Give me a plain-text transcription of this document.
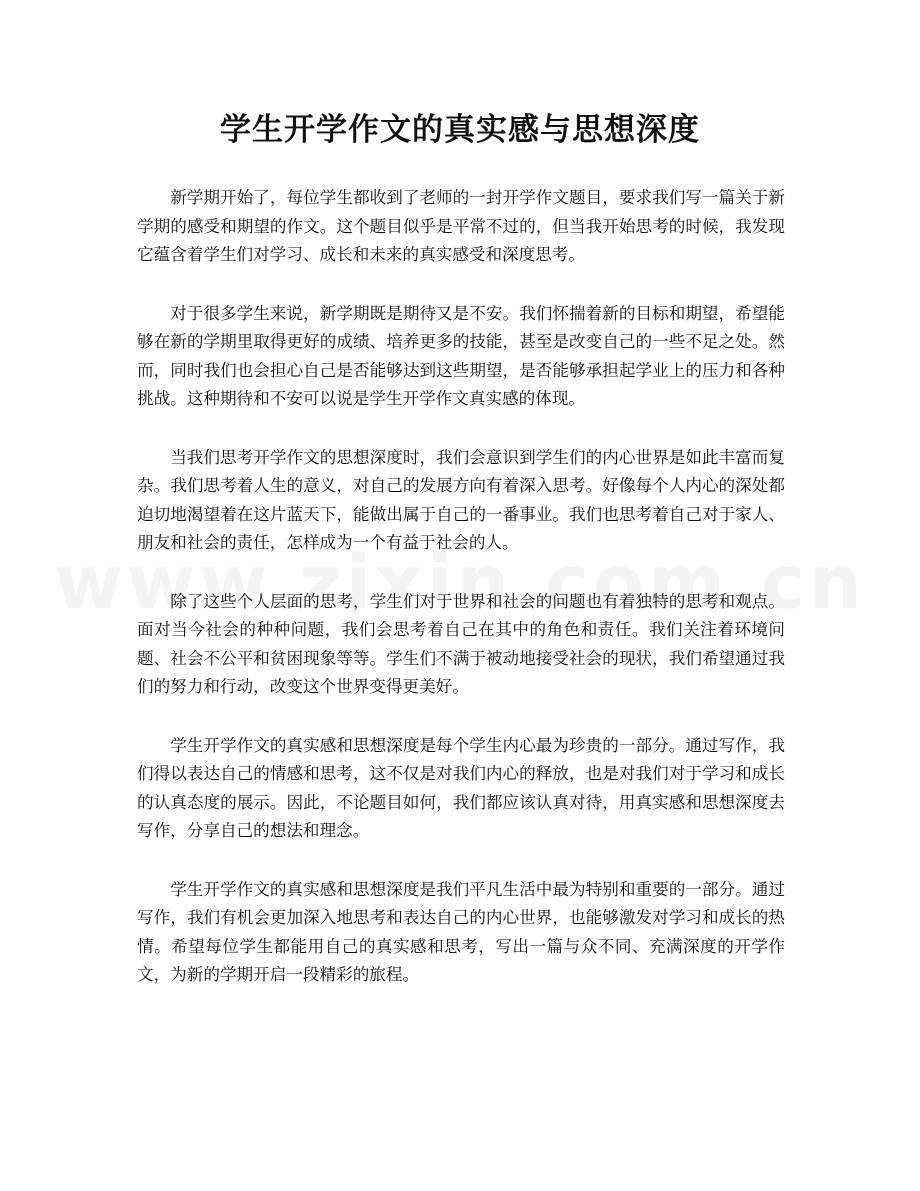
学生开学作文的真实感与思想深度

新学期开始了，每位学生都收到了老师的一封开学作文题目，要求我们写一篇关于新学期的感受和期望的作文。这个题目似乎是平常不过的，但当我开始思考的时候，我发现它蕴含着学生们对学习、成长和未来的真实感受和深度思考。

对于很多学生来说，新学期既是期待又是不安。我们怀揣着新的目标和期望，希望能够在新的学期里取得更好的成绩、培养更多的技能，甚至是改变自己的一些不足之处。然而，同时我们也会担心自己是否能够达到这些期望，是否能够承担起学业上的压力和各种挑战。这种期待和不安可以说是学生开学作文真实感的体现。

当我们思考开学作文的思想深度时，我们会意识到学生们的内心世界是如此丰富而复杂。我们思考着人生的意义，对自己的发展方向有着深入思考。好像每个人内心的深处都迫切地渴望着在这片蓝天下，能做出属于自己的一番事业。我们也思考着自己对于家人、朋友和社会的责任，怎样成为一个有益于社会的人。

除了这些个人层面的思考，学生们对于世界和社会的问题也有着独特的思考和观点。面对当今社会的种种问题，我们会思考着自己在其中的角色和责任。我们关注着环境问题、社会不公平和贫困现象等等。学生们不满于被动地接受社会的现状，我们希望通过我们的努力和行动，改变这个世界变得更美好。

学生开学作文的真实感和思想深度是每个学生内心最为珍贵的一部分。通过写作，我们得以表达自己的情感和思考，这不仅是对我们内心的释放，也是对我们对于学习和成长的认真态度的展示。因此，不论题目如何，我们都应该认真对待，用真实感和思想深度去写作，分享自己的想法和理念。

学生开学作文的真实感和思想深度是我们平凡生活中最为特别和重要的一部分。通过写作，我们有机会更加深入地思考和表达自己的内心世界，也能够激发对学习和成长的热情。希望每位学生都能用自己的真实感和思考，写出一篇与众不同、充满深度的开学作文，为新的学期开启一段精彩的旅程。
